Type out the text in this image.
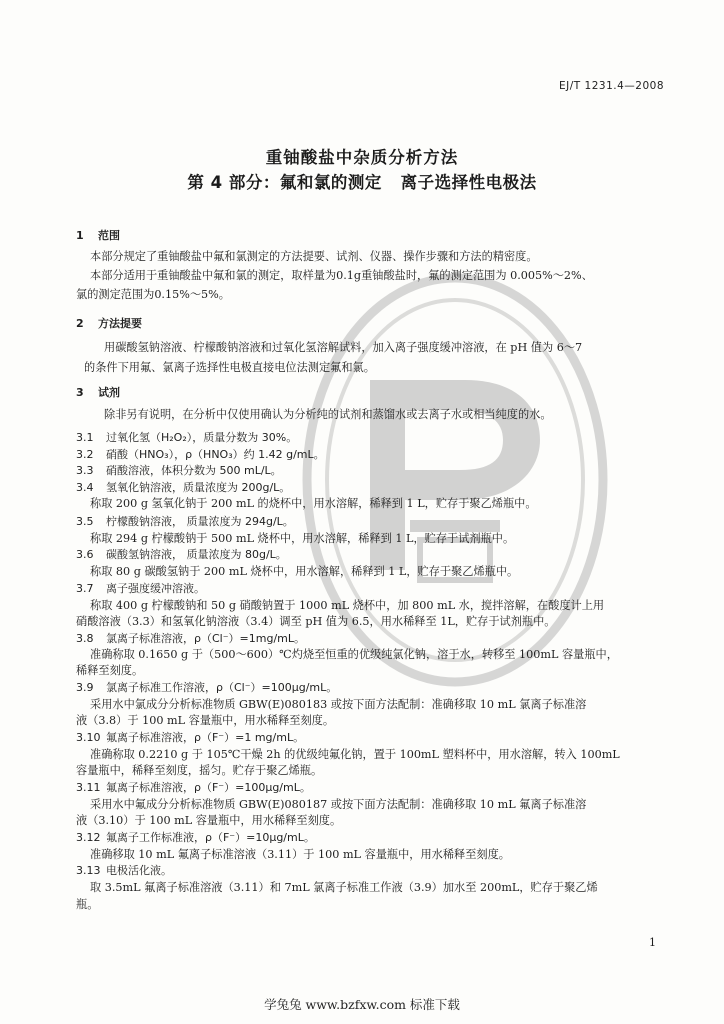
EJ/T 1231.4—2008
重铀酸盐中杂质分析方法
第 4 部分：氟和氯的测定   离子选择性电极法
1 范围
本部分规定了重铀酸盐中氟和氯测定的方法提要、试剂、仪器、操作步骤和方法的精密度。
本部分适用于重铀酸盐中氟和氯的测定，取样量为0.1g重铀酸盐时，氟的测定范围为 0.005%～2%、
氯的测定范围为0.15%～5%。
2 方法提要
用碳酸氢钠溶液、柠檬酸钠溶液和过氧化氢溶解试料，加入离子强度缓冲溶液，在 pH 值为 6～7
的条件下用氟、氯离子选择性电极直接电位法测定氟和氯。
3 试剂
除非另有说明，在分析中仅使用确认为分析纯的试剂和蒸馏水或去离子水或相当纯度的水。
3.1 过氧化氢（H₂O₂），质量分数为 30%。
3.2 硝酸（HNO₃），ρ（HNO₃）约 1.42 g/mL。
3.3 硝酸溶液，体积分数为 500 mL/L。
3.4 氢氧化钠溶液，质量浓度为 200g/L。
称取 200 g 氢氧化钠于 200 mL 的烧杯中，用水溶解，稀释到 1 L，贮存于聚乙烯瓶中。
3.5 柠檬酸钠溶液， 质量浓度为 294g/L。
称取 294 g 柠檬酸钠于 500 mL 烧杯中，用水溶解，稀释到 1 L，贮存于试剂瓶中。
3.6 碳酸氢钠溶液， 质量浓度为 80g/L。
称取 80 g 碳酸氢钠于 200 mL 烧杯中，用水溶解，稀释到 1 L，贮存于聚乙烯瓶中。
3.7 离子强度缓冲溶液。
称取 400 g 柠檬酸钠和 50 g 硝酸钠置于 1000 mL 烧杯中，加 800 mL 水，搅拌溶解，在酸度计上用
硝酸溶液（3.3）和氢氧化钠溶液（3.4）调至 pH 值为 6.5，用水稀释至 1L，贮存于试剂瓶中。
3.8 氯离子标准溶液，ρ（Cl⁻）=1mg/mL。
准确称取 0.1650 g 于（500～600）℃灼烧至恒重的优级纯氯化钠，溶于水，转移至 100mL 容量瓶中，
稀释至刻度。
3.9 氯离子标准工作溶液，ρ（Cl⁻）=100μg/mL。
采用水中氯成分分析标准物质 GBW(E)080183 或按下面方法配制：准确移取 10 mL 氯离子标准溶
液（3.8）于 100 mL 容量瓶中，用水稀释至刻度。
3.10 氟离子标准溶液，ρ（F⁻）=1 mg/mL。
准确称取 0.2210 g 于 105℃干燥 2h 的优级纯氟化钠，置于 100mL 塑料杯中，用水溶解，转入 100mL
容量瓶中，稀释至刻度，摇匀。贮存于聚乙烯瓶。
3.11 氟离子标准溶液，ρ（F⁻）=100μg/mL。
采用水中氟成分分析标准物质 GBW(E)080187 或按下面方法配制：准确移取 10 mL 氟离子标准溶
液（3.10）于 100 mL 容量瓶中，用水稀释至刻度。
3.12 氟离子工作标准液，ρ（F⁻）=10μg/mL。
准确移取 10 mL 氟离子标准溶液（3.11）于 100 mL 容量瓶中，用水稀释至刻度。
3.13 电极活化液。
取 3.5mL 氟离子标准溶液（3.11）和 7mL 氯离子标准工作液（3.9）加水至 200mL，贮存于聚乙烯
瓶。
1
学兔兔 www.bzfxw.com 标准下载
